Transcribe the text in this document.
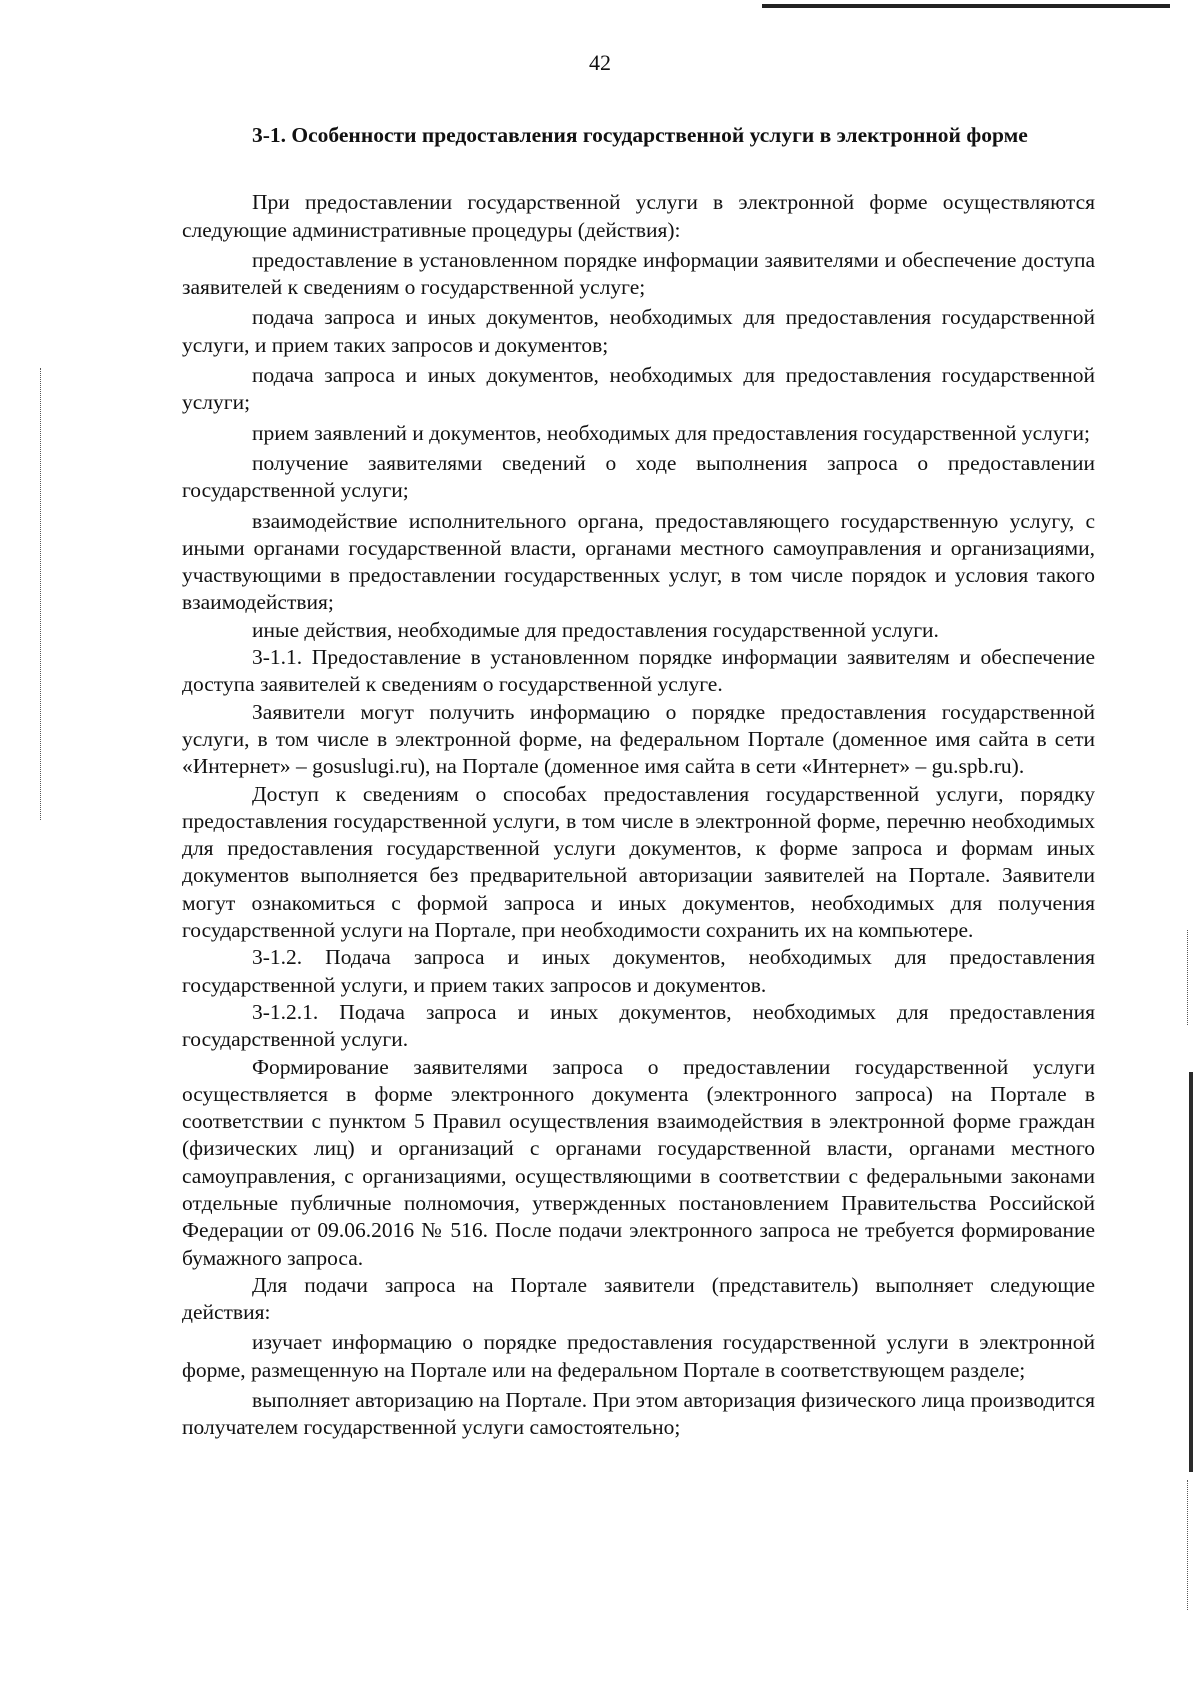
42

3-1. Особенности предоставления государственной услуги в электронной форме

При предоставлении государственной услуги в электронной форме осуществляются следующие административные процедуры (действия):

предоставление в установленном порядке информации заявителями и обеспечение доступа заявителей к сведениям о государственной услуге;

подача запроса и иных документов, необходимых для предоставления государственной услуги, и прием таких запросов и документов;

подача запроса и иных документов, необходимых для предоставления государственной услуги;

прием заявлений и документов, необходимых для предоставления государственной услуги;

получение заявителями сведений о ходе выполнения запроса о предоставлении государственной услуги;

взаимодействие исполнительного органа, предоставляющего государственную услугу, с иными органами государственной власти, органами местного самоуправления и организациями, участвующими в предоставлении государственных услуг, в том числе порядок и условия такого взаимодействия;

иные действия, необходимые для предоставления государственной услуги.

3-1.1. Предоставление в установленном порядке информации заявителям и обеспечение доступа заявителей к сведениям о государственной услуге.

Заявители могут получить информацию о порядке предоставления государственной услуги, в том числе в электронной форме, на федеральном Портале (доменное имя сайта в сети «Интернет» – gosuslugi.ru), на Портале (доменное имя сайта в сети «Интернет» – gu.spb.ru).

Доступ к сведениям о способах предоставления государственной услуги, порядку предоставления государственной услуги, в том числе в электронной форме, перечню необходимых для предоставления государственной услуги документов, к форме запроса и формам иных документов выполняется без предварительной авторизации заявителей на Портале. Заявители могут ознакомиться с формой запроса и иных документов, необходимых для получения государственной услуги на Портале, при необходимости сохранить их на компьютере.

3-1.2. Подача запроса и иных документов, необходимых для предоставления государственной услуги, и прием таких запросов и документов.

3-1.2.1. Подача запроса и иных документов, необходимых для предоставления государственной услуги.

Формирование заявителями запроса о предоставлении государственной услуги осуществляется в форме электронного документа (электронного запроса) на Портале в соответствии с пунктом 5 Правил осуществления взаимодействия в электронной форме граждан (физических лиц) и организаций с органами государственной власти, органами местного самоуправления, с организациями, осуществляющими в соответствии с федеральными законами отдельные публичные полномочия, утвержденных постановлением Правительства Российской Федерации от 09.06.2016 № 516. После подачи электронного запроса не требуется формирование бумажного запроса.

Для подачи запроса на Портале заявители (представитель) выполняет следующие действия:

изучает информацию о порядке предоставления государственной услуги в электронной форме, размещенную на Портале или на федеральном Портале в соответствующем разделе;

выполняет авторизацию на Портале. При этом авторизация физического лица производится получателем государственной услуги самостоятельно;
